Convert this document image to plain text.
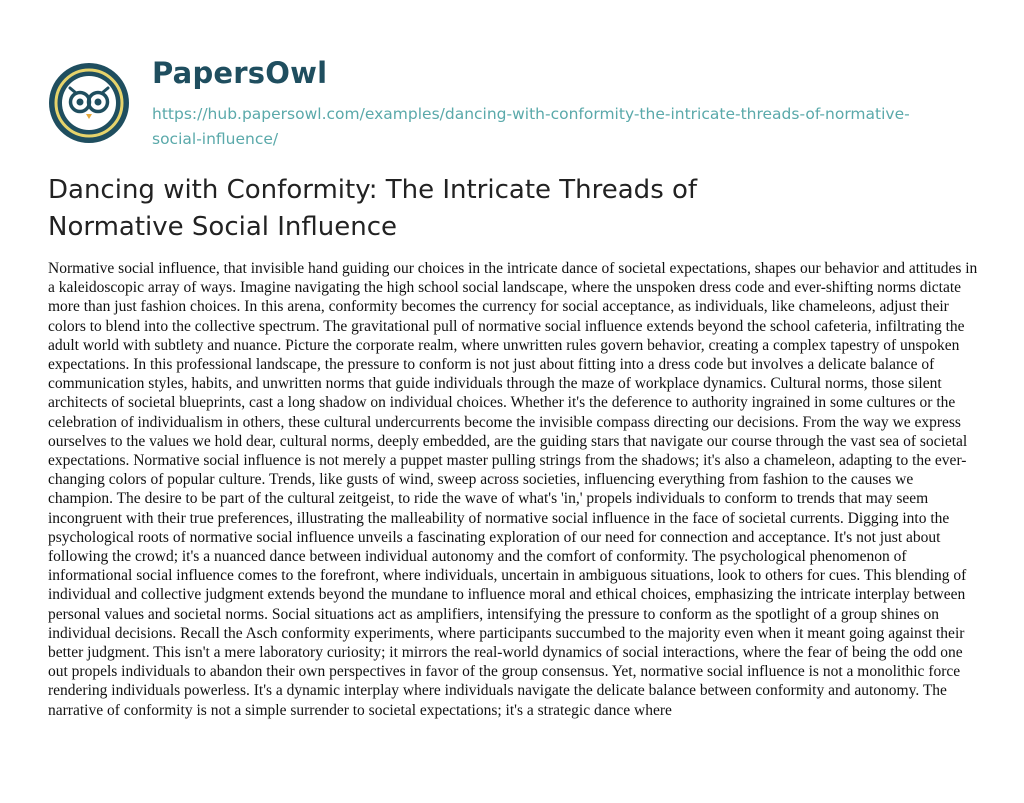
PapersOwl
https://hub.papersowl.com/examples/dancing-with-conformity-the-intricate-threads-of-normative-social-influence/
Dancing with Conformity: The Intricate Threads of Normative Social Influence

Normative social influence, that invisible hand guiding our choices in the intricate dance of societal expectations, shapes our behavior and attitudes in a kaleidoscopic array of ways. Imagine navigating the high school social landscape, where the unspoken dress code and ever-shifting norms dictate more than just fashion choices. In this arena, conformity becomes the currency for social acceptance, as individuals, like chameleons, adjust their colors to blend into the collective spectrum. The gravitational pull of normative social influence extends beyond the school cafeteria, infiltrating the adult world with subtlety and nuance. Picture the corporate realm, where unwritten rules govern behavior, creating a complex tapestry of unspoken expectations. In this professional landscape, the pressure to conform is not just about fitting into a dress code but involves a delicate balance of communication styles, habits, and unwritten norms that guide individuals through the maze of workplace dynamics. Cultural norms, those silent architects of societal blueprints, cast a long shadow on individual choices. Whether it's the deference to authority ingrained in some cultures or the celebration of individualism in others, these cultural undercurrents become the invisible compass directing our decisions. From the way we express ourselves to the values we hold dear, cultural norms, deeply embedded, are the guiding stars that navigate our course through the vast sea of societal expectations. Normative social influence is not merely a puppet master pulling strings from the shadows; it's also a chameleon, adapting to the ever-changing colors of popular culture. Trends, like gusts of wind, sweep across societies, influencing everything from fashion to the causes we champion. The desire to be part of the cultural zeitgeist, to ride the wave of what's 'in,' propels individuals to conform to trends that may seem incongruent with their true preferences, illustrating the malleability of normative social influence in the face of societal currents. Digging into the psychological roots of normative social influence unveils a fascinating exploration of our need for connection and acceptance. It's not just about following the crowd; it's a nuanced dance between individual autonomy and the comfort of conformity. The psychological phenomenon of informational social influence comes to the forefront, where individuals, uncertain in ambiguous situations, look to others for cues. This blending of individual and collective judgment extends beyond the mundane to influence moral and ethical choices, emphasizing the intricate interplay between personal values and societal norms. Social situations act as amplifiers, intensifying the pressure to conform as the spotlight of a group shines on individual decisions. Recall the Asch conformity experiments, where participants succumbed to the majority even when it meant going against their better judgment. This isn't a mere laboratory curiosity; it mirrors the real-world dynamics of social interactions, where the fear of being the odd one out propels individuals to abandon their own perspectives in favor of the group consensus. Yet, normative social influence is not a monolithic force rendering individuals powerless. It's a dynamic interplay where individuals navigate the delicate balance between conformity and autonomy. The narrative of conformity is not a simple surrender to societal expectations; it's a strategic dance where
